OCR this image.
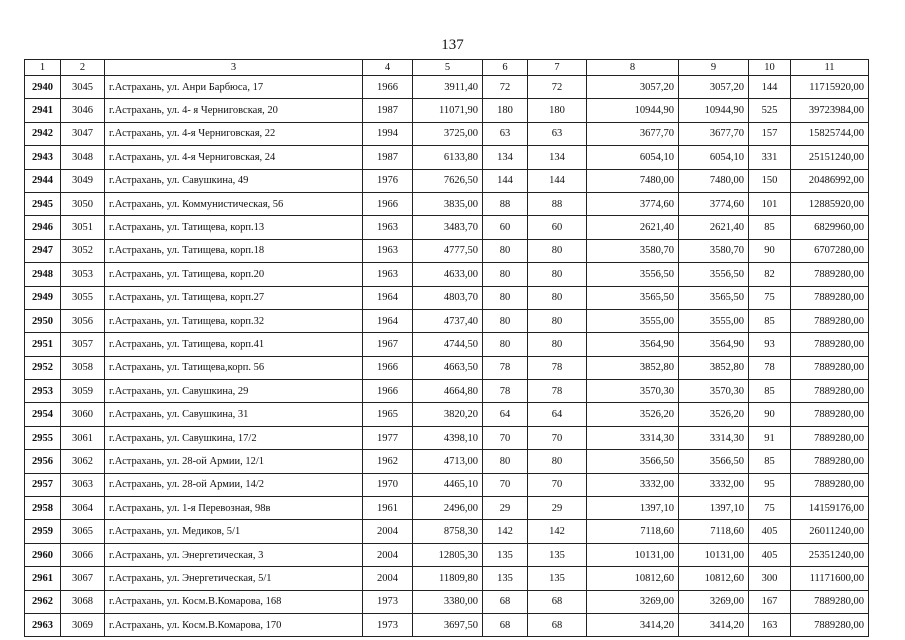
137
1	2	3	4	5	6	7	8	9	10	11
2940	3045	г.Астрахань, ул. Анри Барбюса, 17	1966	3911,40	72	72	3057,20	3057,20	144	11715920,00
2941	3046	г.Астрахань, ул. 4- я Черниговская, 20	1987	11071,90	180	180	10944,90	10944,90	525	39723984,00
2942	3047	г.Астрахань, ул. 4-я Черниговская, 22	1994	3725,00	63	63	3677,70	3677,70	157	15825744,00
2943	3048	г.Астрахань, ул. 4-я Черниговская, 24	1987	6133,80	134	134	6054,10	6054,10	331	25151240,00
2944	3049	г.Астрахань, ул. Савушкина, 49	1976	7626,50	144	144	7480,00	7480,00	150	20486992,00
2945	3050	г.Астрахань, ул. Коммунистическая, 56	1966	3835,00	88	88	3774,60	3774,60	101	12885920,00
2946	3051	г.Астрахань, ул. Татищева, корп.13	1963	3483,70	60	60	2621,40	2621,40	85	6829960,00
2947	3052	г.Астрахань, ул. Татищева, корп.18	1963	4777,50	80	80	3580,70	3580,70	90	6707280,00
2948	3053	г.Астрахань, ул. Татищева, корп.20	1963	4633,00	80	80	3556,50	3556,50	82	7889280,00
2949	3055	г.Астрахань, ул. Татищева, корп.27	1964	4803,70	80	80	3565,50	3565,50	75	7889280,00
2950	3056	г.Астрахань, ул. Татищева, корп.32	1964	4737,40	80	80	3555,00	3555,00	85	7889280,00
2951	3057	г.Астрахань, ул. Татищева, корп.41	1967	4744,50	80	80	3564,90	3564,90	93	7889280,00
2952	3058	г.Астрахань, ул. Татищева,корп. 56	1966	4663,50	78	78	3852,80	3852,80	78	7889280,00
2953	3059	г.Астрахань, ул. Савушкина, 29	1966	4664,80	78	78	3570,30	3570,30	85	7889280,00
2954	3060	г.Астрахань, ул. Савушкина, 31	1965	3820,20	64	64	3526,20	3526,20	90	7889280,00
2955	3061	г.Астрахань, ул. Савушкина, 17/2	1977	4398,10	70	70	3314,30	3314,30	91	7889280,00
2956	3062	г.Астрахань, ул. 28-ой Армии, 12/1	1962	4713,00	80	80	3566,50	3566,50	85	7889280,00
2957	3063	г.Астрахань, ул. 28-ой Армии, 14/2	1970	4465,10	70	70	3332,00	3332,00	95	7889280,00
2958	3064	г.Астрахань, ул. 1-я Перевозная, 98в	1961	2496,00	29	29	1397,10	1397,10	75	14159176,00
2959	3065	г.Астрахань, ул. Медиков, 5/1	2004	8758,30	142	142	7118,60	7118,60	405	26011240,00
2960	3066	г.Астрахань, ул. Энергетическая, 3	2004	12805,30	135	135	10131,00	10131,00	405	25351240,00
2961	3067	г.Астрахань, ул. Энергетическая, 5/1	2004	11809,80	135	135	10812,60	10812,60	300	11171600,00
2962	3068	г.Астрахань, ул. Косм.В.Комарова, 168	1973	3380,00	68	68	3269,00	3269,00	167	7889280,00
2963	3069	г.Астрахань, ул. Косм.В.Комарова, 170	1973	3697,50	68	68	3414,20	3414,20	163	7889280,00
